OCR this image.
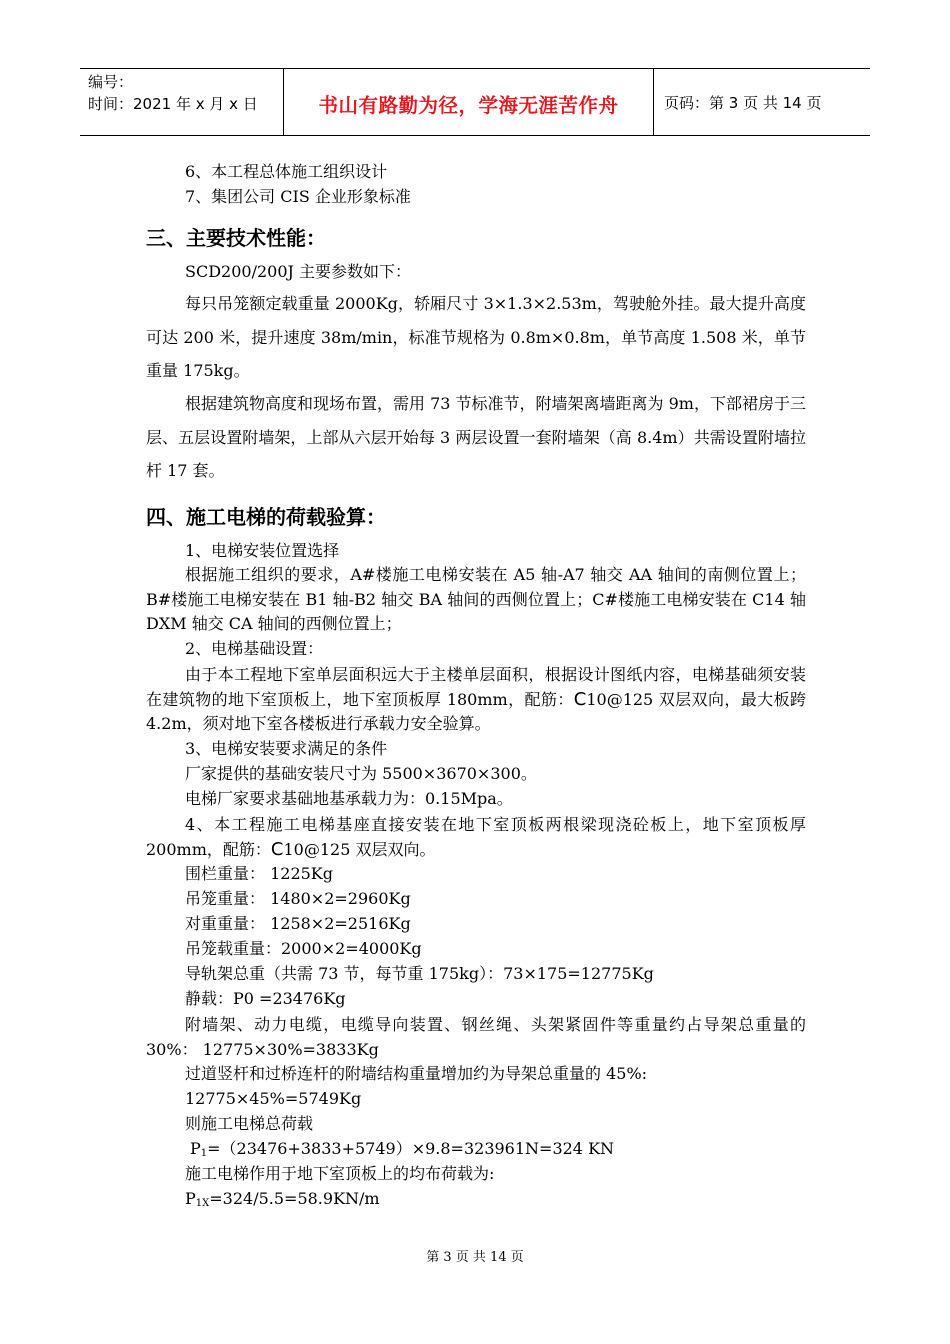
编号：
时间：2021 年 x 月 x 日	书山有路勤为径，学海无涯苦作舟	页码：第 3 页 共 14 页
6、本工程总体施工组织设计
7、集团公司 CIS 企业形象标准
三、主要技术性能：
SCD200/200J 主要参数如下：
每只吊笼额定载重量 2000Kg，轿厢尺寸 3×1.3×2.53m，驾驶舱外挂。最大提升高度可达 200 米，提升速度 38m/min，标准节规格为 0.8m×0.8m，单节高度 1.508 米，单节重量 175kg。
根据建筑物高度和现场布置，需用 73 节标准节，附墙架离墙距离为 9m，下部裙房于三层、五层设置附墙架，上部从六层开始每 3 两层设置一套附墙架（高 8.4m）共需设置附墙拉杆 17 套。
四、施工电梯的荷载验算：
1、电梯安装位置选择
根据施工组织的要求，A#楼施工电梯安装在 A5 轴-A7 轴交 AA 轴间的南侧位置上；B#楼施工电梯安装在 B1 轴-B2 轴交 BA 轴间的西侧位置上；C#楼施工电梯安装在 C14 轴 DXM 轴交 CA 轴间的西侧位置上；
2、电梯基础设置：
由于本工程地下室单层面积远大于主楼单层面积，根据设计图纸内容，电梯基础须安装在建筑物的地下室顶板上，地下室顶板厚 180mm，配筋：C10@125 双层双向，最大板跨 4.2m，须对地下室各楼板进行承载力安全验算。
3、电梯安装要求满足的条件
厂家提供的基础安装尺寸为 5500×3670×300。
电梯厂家要求基础地基承载力为：0.15Mpa。
4、本工程施工电梯基座直接安装在地下室顶板两根梁现浇砼板上，地下室顶板厚 200mm，配筋：C10@125 双层双向。
围栏重量： 1225Kg
吊笼重量： 1480×2=2960Kg
对重重量： 1258×2=2516Kg
吊笼载重量：2000×2=4000Kg
导轨架总重（共需 73 节，每节重 175kg）：73×175=12775Kg
静载：P0 =23476Kg
附墙架、动力电缆，电缆导向装置、钢丝绳、头架紧固件等重量约占导架总重量的 30%： 12775×30%=3833Kg
过道竖杆和过桥连杆的附墙结构重量增加约为导架总重量的 45%:
12775×45%=5749Kg
则施工电梯总荷载
$P_1=(23476+3833+5749)\times 9.8=323961N=324$ KN
施工电梯作用于地下室顶板上的均布荷载为:
$P_{1X}=324/5.5=58.9KN/m$
第 3 页 共 14 页
